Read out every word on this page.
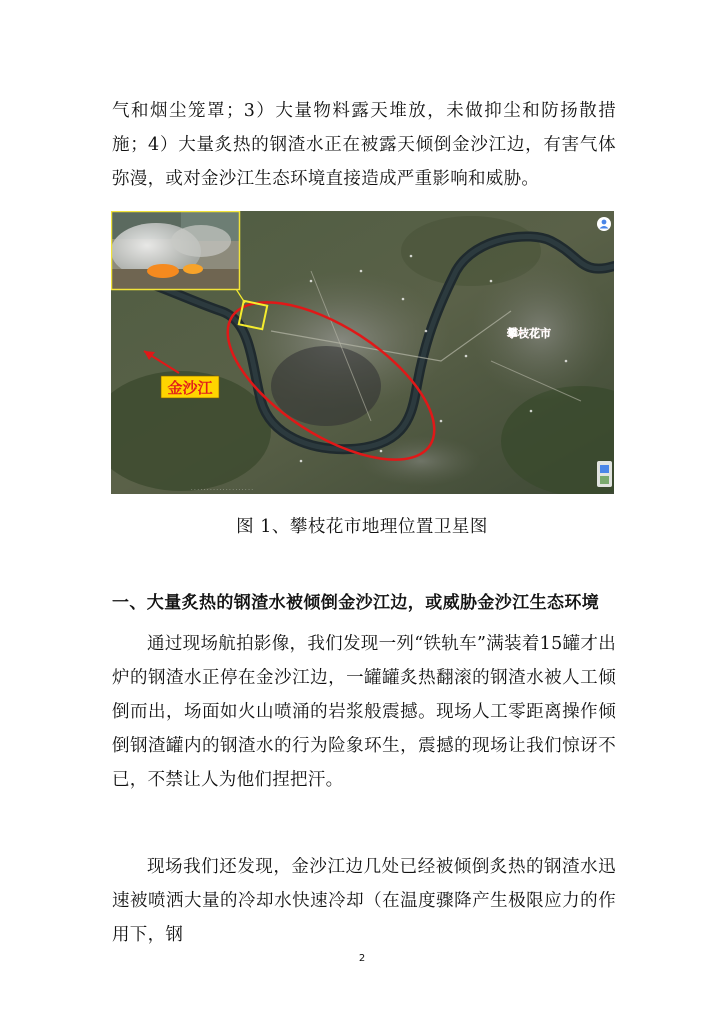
气和烟尘笼罩；3）大量物料露天堆放，未做抑尘和防扬散措施；4）大量炙热的钢渣水正在被露天倾倒金沙江边，有害气体弥漫，或对金沙江生态环境直接造成严重影响和威胁。
金沙江
攀枝花市
· · · · · · · · · · · · · · · · · · · ·
图 1、攀枝花市地理位置卫星图
一、大量炙热的钢渣水被倾倒金沙江边，或威胁金沙江生态环境
通过现场航拍影像，我们发现一列“铁轨车”满装着15罐才出炉的钢渣水正停在金沙江边，一罐罐炙热翻滚的钢渣水被人工倾倒而出，场面如火山喷涌的岩浆般震撼。现场人工零距离操作倾倒钢渣罐内的钢渣水的行为险象环生，震撼的现场让我们惊讶不已，不禁让人为他们捏把汗。
现场我们还发现，金沙江边几处已经被倾倒炙热的钢渣水迅速被喷洒大量的冷却水快速冷却（在温度骤降产生极限应力的作用下，钢
2
